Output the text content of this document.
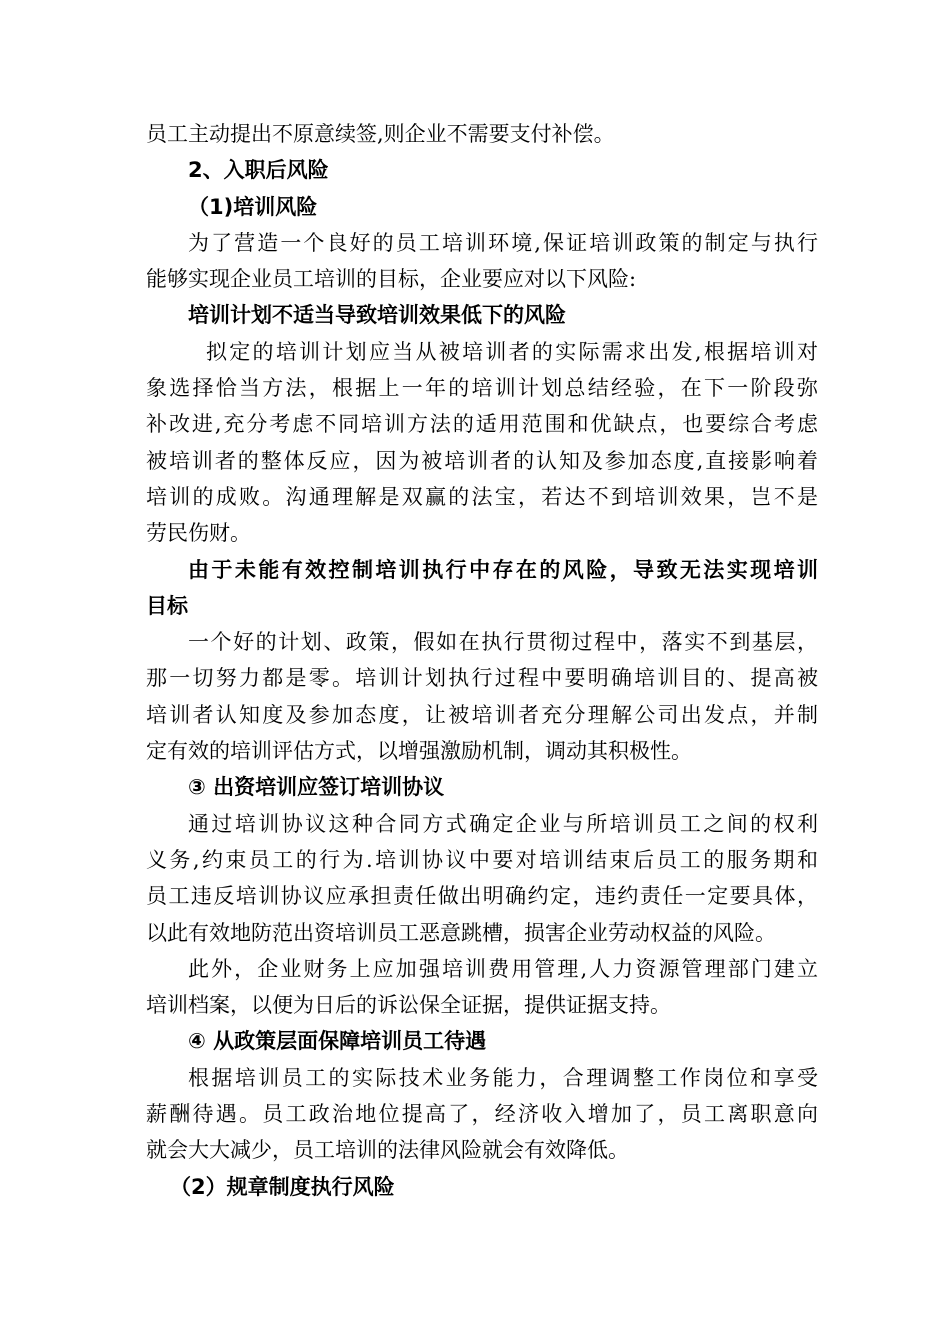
员工主动提出不原意续签,则企业不需要支付补偿。
2、入职后风险
（1)培训风险
为了营造一个良好的员工培训环境,保证培训政策的制定与执行
能够实现企业员工培训的目标，企业要应对以下风险:
培训计划不适当导致培训效果低下的风险
拟定的培训计划应当从被培训者的实际需求出发,根据培训对
象选择恰当方法，根据上一年的培训计划总结经验，在下一阶段弥
补改进,充分考虑不同培训方法的适用范围和优缺点，也要综合考虑
被培训者的整体反应，因为被培训者的认知及参加态度,直接影响着
培训的成败。沟通理解是双赢的法宝，若达不到培训效果，岂不是
劳民伤财。
由于未能有效控制培训执行中存在的风险，导致无法实现培训
目标
一个好的计划、政策，假如在执行贯彻过程中，落实不到基层，
那一切努力都是零。培训计划执行过程中要明确培训目的、提高被
培训者认知度及参加态度，让被培训者充分理解公司出发点，并制
定有效的培训评估方式，以增强激励机制，调动其积极性。
③ 出资培训应签订培训协议
通过培训协议这种合同方式确定企业与所培训员工之间的权利
义务,约束员工的行为.培训协议中要对培训结束后员工的服务期和
员工违反培训协议应承担责任做出明确约定，违约责任一定要具体，
以此有效地防范出资培训员工恶意跳槽，损害企业劳动权益的风险。
此外，企业财务上应加强培训费用管理,人力资源管理部门建立
培训档案，以便为日后的诉讼保全证据，提供证据支持。
④ 从政策层面保障培训员工待遇
根据培训员工的实际技术业务能力，合理调整工作岗位和享受
薪酬待遇。员工政治地位提高了，经济收入增加了，员工离职意向
就会大大减少，员工培训的法律风险就会有效降低。
（2）规章制度执行风险
